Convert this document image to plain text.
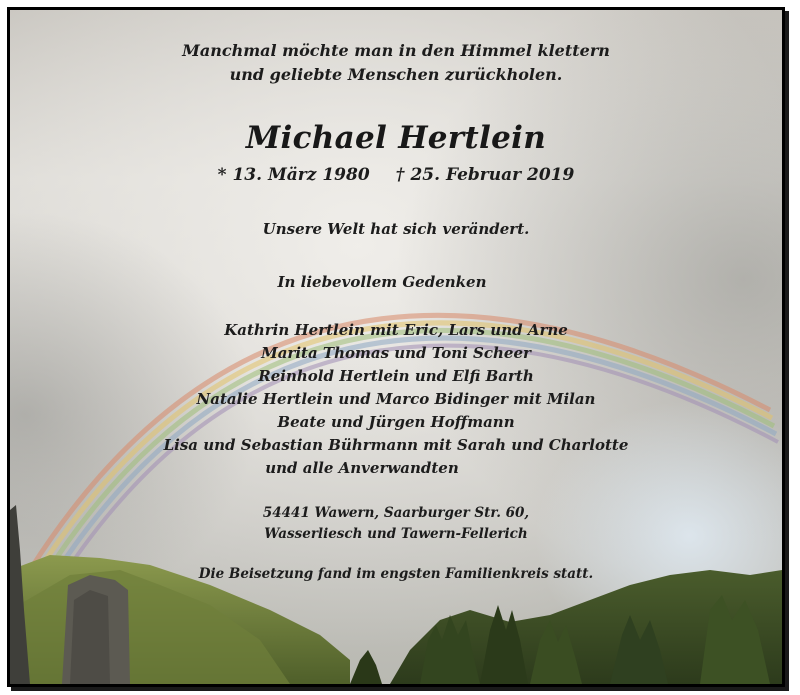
Manchmal möchte man in den Himmel klettern

und geliebte Menschen zurückholen.

Michael Hertlein

* 13. März 1980 † 25. Februar 2019

Unsere Welt hat sich verändert.

In liebevollem Gedenken

Kathrin Hertlein mit Eric, Lars und Arne

Marita Thomas und Toni Scheer

Reinhold Hertlein und Elfi Barth

Natalie Hertlein und Marco Bidinger mit Milan

Beate und Jürgen Hoffmann

Lisa und Sebastian Bührmann mit Sarah und Charlotte

und alle Anverwandten

54441 Wawern, Saarburger Str. 60,

Wasserliesch und Tawern-Fellerich

Die Beisetzung fand im engsten Familienkreis statt.
